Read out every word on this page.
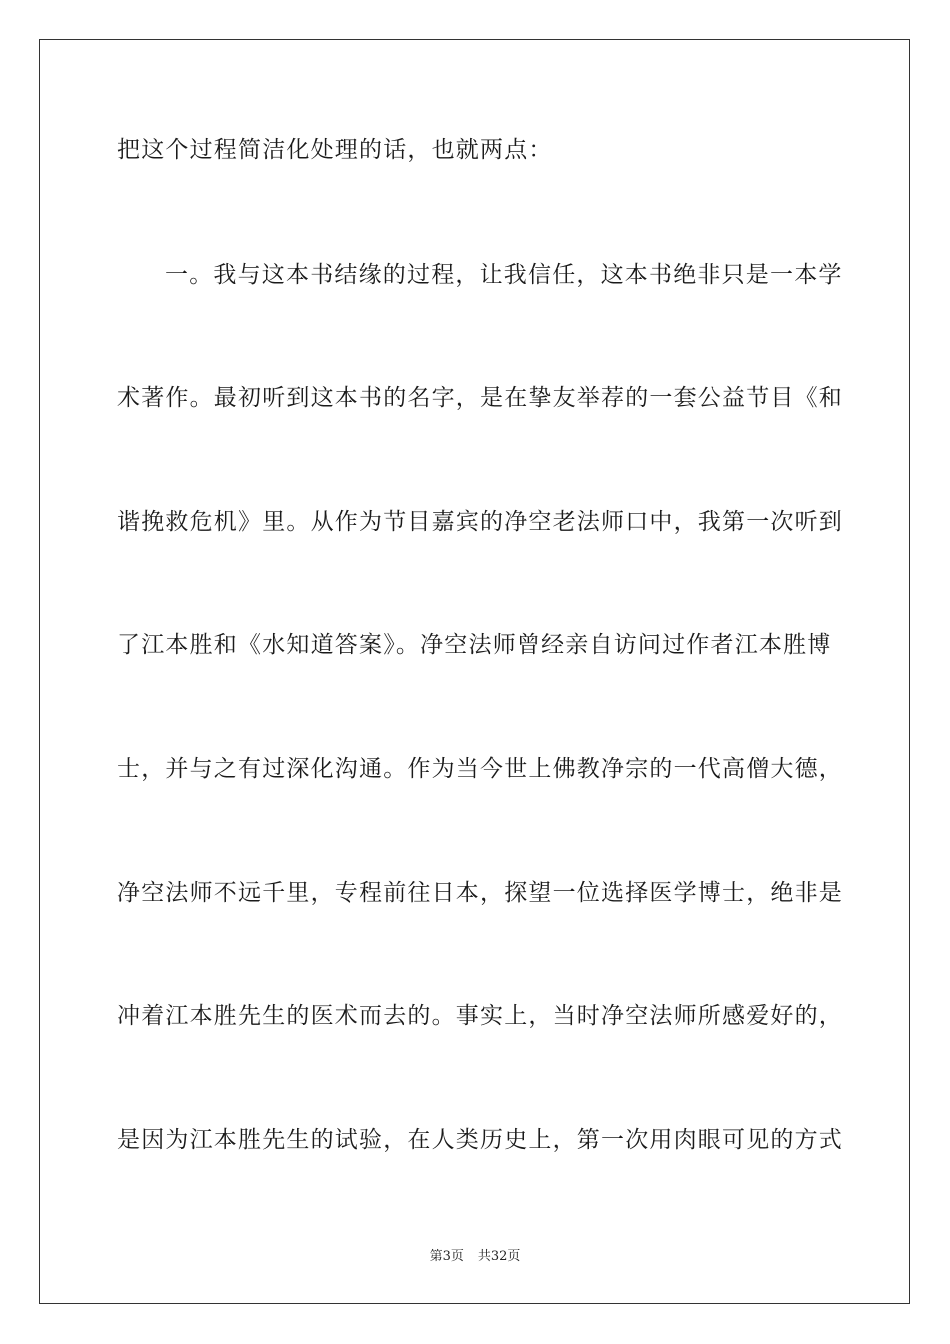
把这个过程简洁化处理的话，也就两点：
一。我与这本书结缘的过程，让我信任，这本书绝非只是一本学
术著作。最初听到这本书的名字，是在挚友举荐的一套公益节目《和
谐挽救危机》里。从作为节目嘉宾的净空老法师口中，我第一次听到
了江本胜和《水知道答案》。净空法师曾经亲自访问过作者江本胜博
士，并与之有过深化沟通。作为当今世上佛教净宗的一代高僧大德，
净空法师不远千里，专程前往日本，探望一位选择医学博士，绝非是
冲着江本胜先生的医术而去的。事实上，当时净空法师所感爱好的，
是因为江本胜先生的试验，在人类历史上，第一次用肉眼可见的方式
第3页 共32页
